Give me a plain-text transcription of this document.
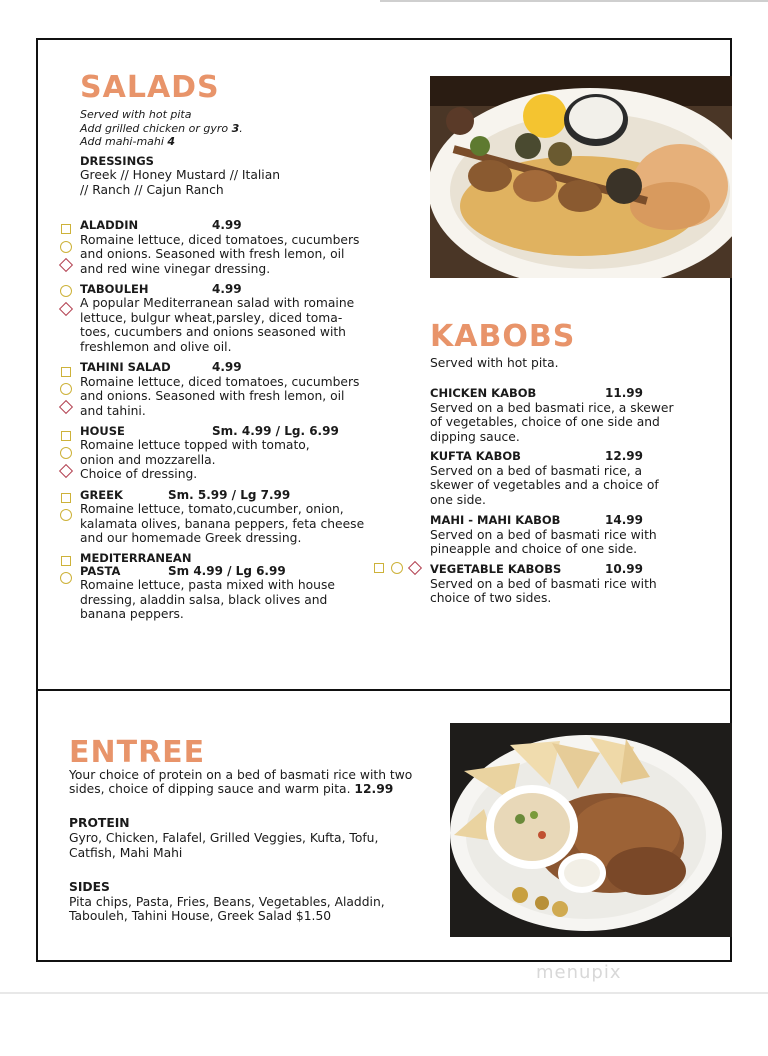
SALADS
Served with hot pita
Add grilled chicken or gyro 3.
Add mahi-mahi 4
DRESSINGS
Greek // Honey Mustard // Italian
// Ranch // Cajun Ranch
ALADDIN	4.99
Romaine lettuce, diced tomatoes, cucumbers
and onions. Seasoned with fresh lemon, oil
and red wine vinegar dressing.
TABOULEH	4.99
A popular Mediterranean salad with romaine
lettuce, bulgur wheat,parsley, diced toma-
toes, cucumbers and onions seasoned with
freshlemon and olive oil.
TAHINI SALAD	4.99
Romaine lettuce, diced tomatoes, cucumbers
and onions. Seasoned with fresh lemon, oil
and tahini.
HOUSE	Sm. 4.99 / Lg. 6.99
Romaine lettuce topped with tomato,
onion and mozzarella.
Choice of dressing.
GREEK	Sm. 5.99 / Lg 7.99
Romaine lettuce, tomato,cucumber, onion,
kalamata olives, banana peppers, feta cheese
and our homemade Greek dressing.
MEDITERRANEAN
PASTA	Sm 4.99 / Lg 6.99
Romaine lettuce, pasta mixed with house
dressing, aladdin salsa, black olives and
banana peppers.
KABOBS
Served with hot pita.
CHICKEN KABOB	11.99
Served on a bed basmati rice, a skewer
of vegetables, choice of one side and
dipping sauce.
KUFTA KABOB	12.99
Served on a bed of basmati rice, a
skewer of vegetables and a choice of
one side.
MAHI - MAHI KABOB	14.99
Served on a bed of basmati rice with
pineapple and choice of one side.
VEGETABLE KABOBS	10.99
Served on a bed of basmati rice with
choice of two sides.
ENTREE
Your choice of protein on a bed of basmati rice with two
sides, choice of dipping sauce and warm pita. 12.99
PROTEIN
Gyro, Chicken, Falafel, Grilled Veggies, Kufta, Tofu,
Catfish, Mahi Mahi
SIDES
Pita chips, Pasta, Fries, Beans, Vegetables, Aladdin,
Tabouleh, Tahini House, Greek Salad $1.50
menupix
